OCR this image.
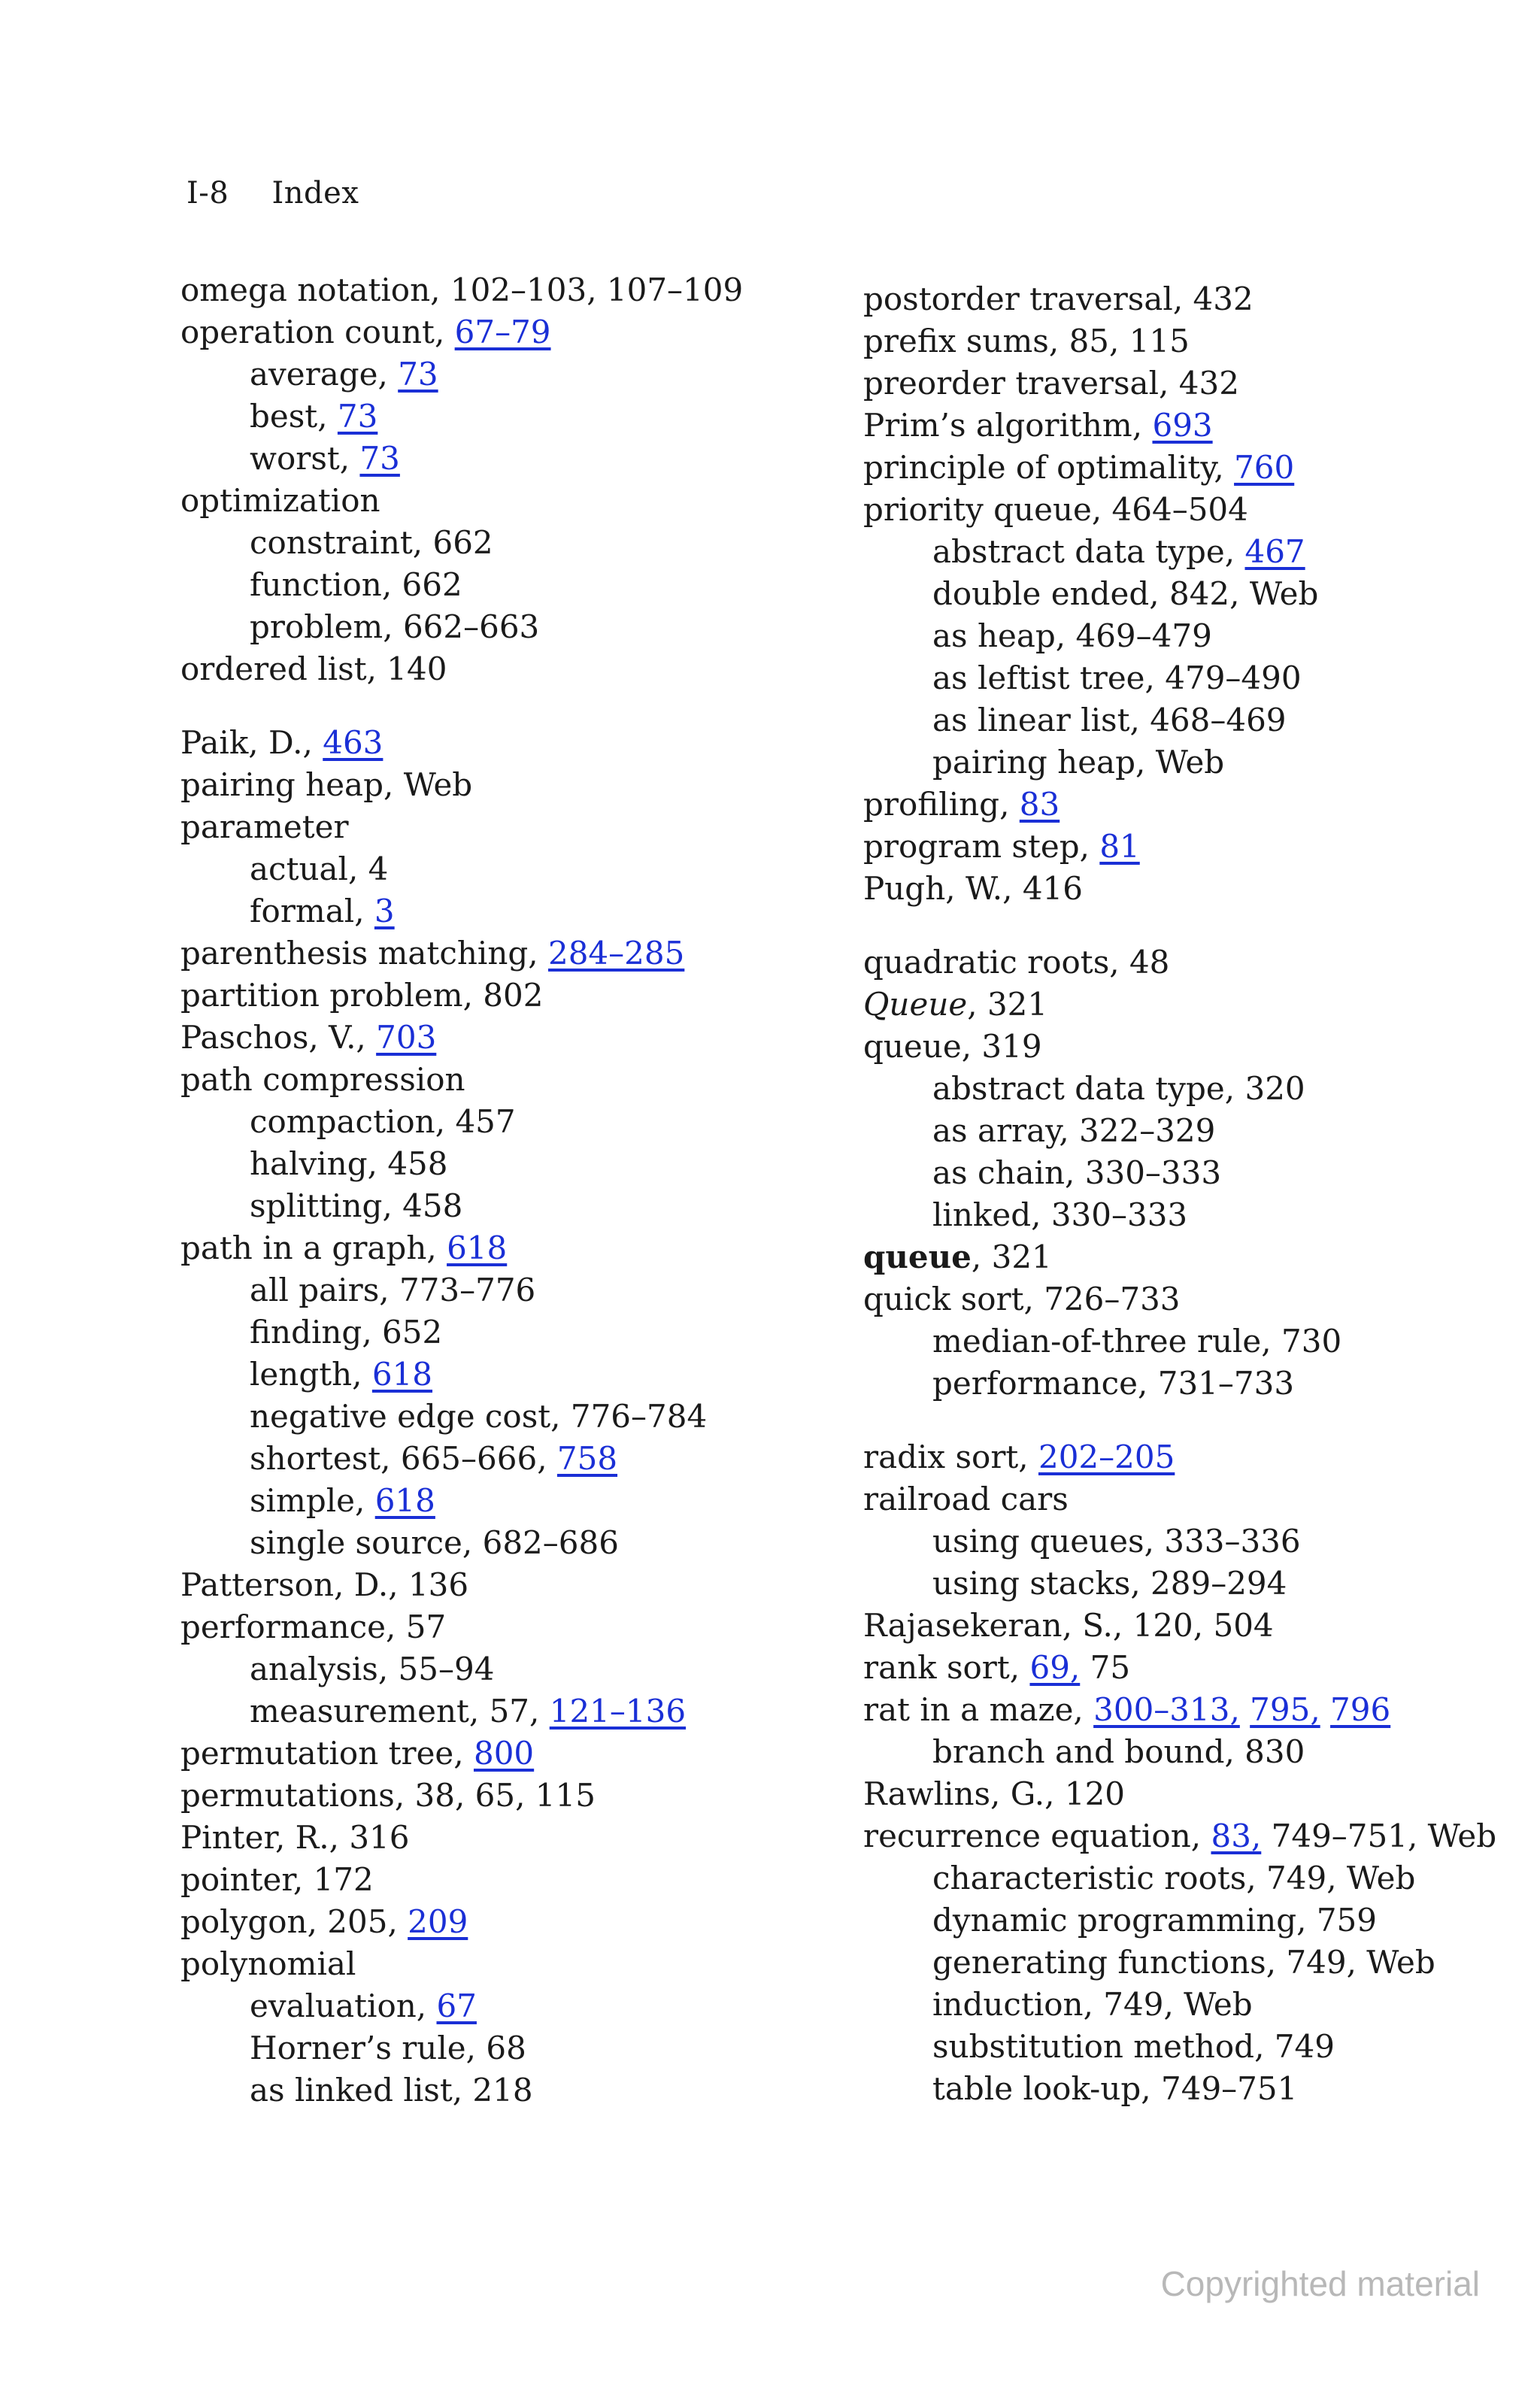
I-8 Index
omega notation, 102–103, 107–109
operation count, 67–79
average, 73
best, 73
worst, 73
optimization
constraint, 662
function, 662
problem, 662–663
ordered list, 140
Paik, D., 463
pairing heap, Web
parameter
actual, 4
formal, 3
parenthesis matching, 284–285
partition problem, 802
Paschos, V., 703
path compression
compaction, 457
halving, 458
splitting, 458
path in a graph, 618
all pairs, 773–776
finding, 652
length, 618
negative edge cost, 776–784
shortest, 665–666, 758
simple, 618
single source, 682–686
Patterson, D., 136
performance, 57
analysis, 55–94
measurement, 57, 121–136
permutation tree, 800
permutations, 38, 65, 115
Pinter, R., 316
pointer, 172
polygon, 205, 209
polynomial
evaluation, 67
Horner’s rule, 68
as linked list, 218
postorder traversal, 432
prefix sums, 85, 115
preorder traversal, 432
Prim’s algorithm, 693
principle of optimality, 760
priority queue, 464–504
abstract data type, 467
double ended, 842, Web
as heap, 469–479
as leftist tree, 479–490
as linear list, 468–469
pairing heap, Web
profiling, 83
program step, 81
Pugh, W., 416
quadratic roots, 48
Queue, 321
queue, 319
abstract data type, 320
as array, 322–329
as chain, 330–333
linked, 330–333
queue, 321
quick sort, 726–733
median-of-three rule, 730
performance, 731–733
radix sort, 202–205
railroad cars
using queues, 333–336
using stacks, 289–294
Rajasekeran, S., 120, 504
rank sort, 69, 75
rat in a maze, 300–313, 795, 796
branch and bound, 830
Rawlins, G., 120
recurrence equation, 83, 749–751, Web
characteristic roots, 749, Web
dynamic programming, 759
generating functions, 749, Web
induction, 749, Web
substitution method, 749
table look-up, 749–751
Copyrighted material
